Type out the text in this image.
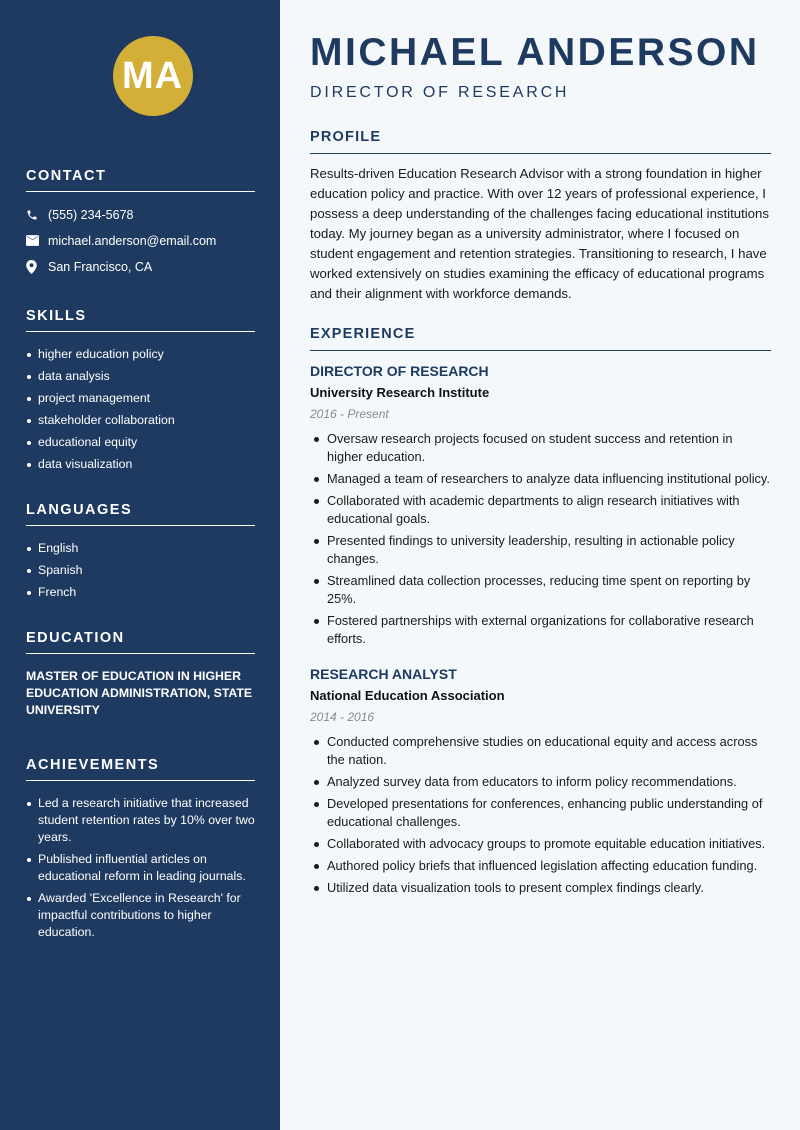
MA
CONTACT
(555) 234-5678
michael.anderson@email.com
San Francisco, CA
SKILLS
higher education policy
data analysis
project management
stakeholder collaboration
educational equity
data visualization
LANGUAGES
English
Spanish
French
EDUCATION
MASTER OF EDUCATION IN HIGHER EDUCATION ADMINISTRATION, STATE UNIVERSITY
ACHIEVEMENTS
Led a research initiative that increased student retention rates by 10% over two years.
Published influential articles on educational reform in leading journals.
Awarded 'Excellence in Research' for impactful contributions to higher education.
MICHAEL ANDERSON
DIRECTOR OF RESEARCH
PROFILE

Results-driven Education Research Advisor with a strong foundation in higher education policy and practice. With over 12 years of professional experience, I possess a deep understanding of the challenges facing educational institutions today. My journey began as a university administrator, where I focused on student engagement and retention strategies. Transitioning to research, I have worked extensively on studies examining the efficacy of educational programs and their alignment with workforce demands.

EXPERIENCE
DIRECTOR OF RESEARCH
University Research Institute
2016 - Present
Oversaw research projects focused on student success and retention in higher education.
Managed a team of researchers to analyze data influencing institutional policy.
Collaborated with academic departments to align research initiatives with educational goals.
Presented findings to university leadership, resulting in actionable policy changes.
Streamlined data collection processes, reducing time spent on reporting by 25%.
Fostered partnerships with external organizations for collaborative research efforts.
RESEARCH ANALYST
National Education Association
2014 - 2016
Conducted comprehensive studies on educational equity and access across the nation.
Analyzed survey data from educators to inform policy recommendations.
Developed presentations for conferences, enhancing public understanding of educational challenges.
Collaborated with advocacy groups to promote equitable education initiatives.
Authored policy briefs that influenced legislation affecting education funding.
Utilized data visualization tools to present complex findings clearly.
